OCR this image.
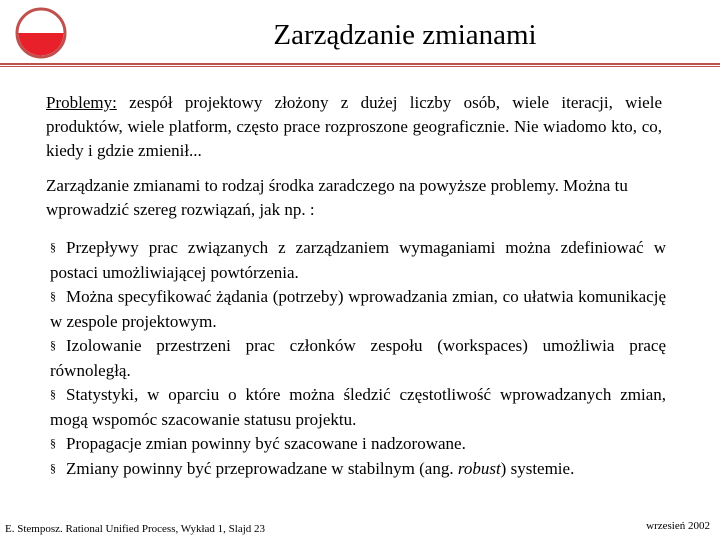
Zarządzanie zmianami
Problemy: zespół projektowy złożony z dużej liczby osób, wiele iteracji, wiele produktów, wiele platform, często prace rozproszone geograficznie. Nie wiadomo kto, co, kiedy i gdzie zmienił...
Zarządzanie zmianami to rodzaj środka zaradczego na powyższe problemy. Można tu wprowadzić szereg rozwiązań, jak np. :
§ Przepływy prac związanych z zarządzaniem wymaganiami można zdefiniować w postaci umożliwiającej powtórzenia.
§ Można specyfikować żądania (potrzeby) wprowadzania zmian, co ułatwia komunikację w zespole projektowym.
§ Izolowanie przestrzeni prac członków zespołu (workspaces) umożliwia pracę równoległą.
§ Statystyki, w oparciu o które można śledzić częstotliwość wprowadzanych zmian, mogą wspomóc szacowanie statusu projektu.
§ Propagacje zmian powinny być szacowane i nadzorowane.
§ Zmiany powinny być przeprowadzane w stabilnym (ang. robust) systemie.
E. Stemposz. Rational Unified Process, Wykład 1, Slajd 23	wrzesień 2002
